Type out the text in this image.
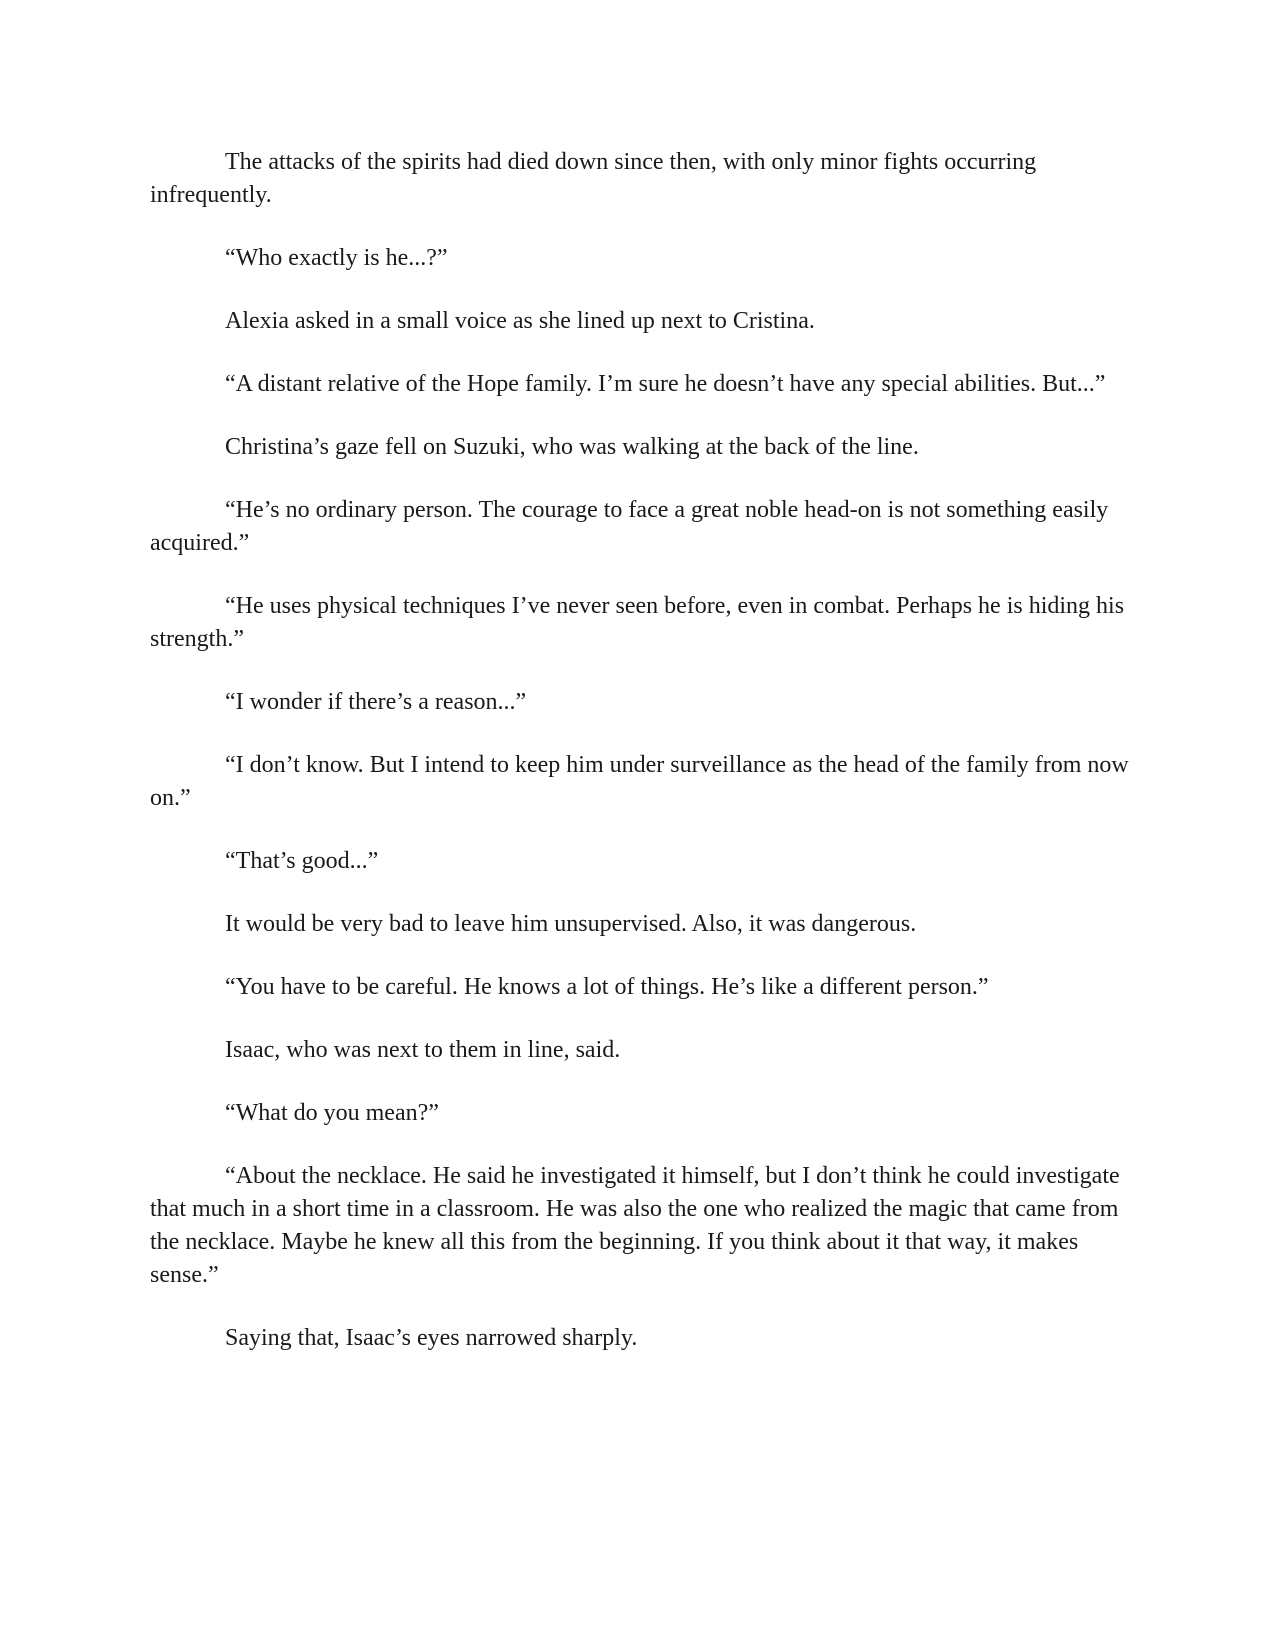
The attacks of the spirits had died down since then, with only minor fights occurring infrequently.

“Who exactly is he...?”

Alexia asked in a small voice as she lined up next to Cristina.

“A distant relative of the Hope family. I’m sure he doesn’t have any special abilities. But...”

Christina’s gaze fell on Suzuki, who was walking at the back of the line.

“He’s no ordinary person. The courage to face a great noble head-on is not something easily acquired.”

“He uses physical techniques I’ve never seen before, even in combat. Perhaps he is hiding his strength.”

“I wonder if there’s a reason...”

“I don’t know. But I intend to keep him under surveillance as the head of the family from now on.”

“That’s good...”

It would be very bad to leave him unsupervised. Also, it was dangerous.

“You have to be careful. He knows a lot of things. He’s like a different person.”

Isaac, who was next to them in line, said.

“What do you mean?”

“About the necklace. He said he investigated it himself, but I don’t think he could investigate that much in a short time in a classroom. He was also the one who realized the magic that came from the necklace. Maybe he knew all this from the beginning. If you think about it that way, it makes sense.”

Saying that, Isaac’s eyes narrowed sharply.
